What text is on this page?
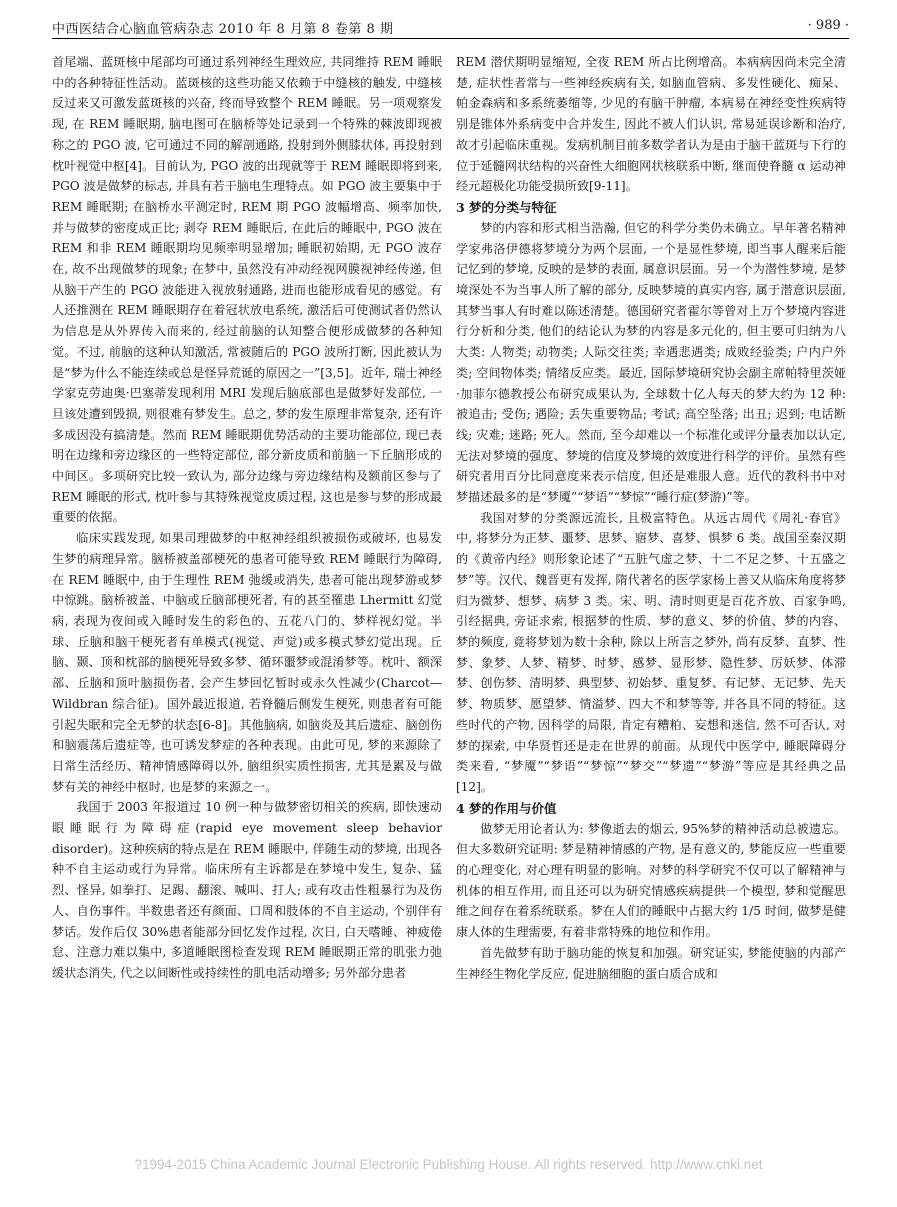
中西医结合心脑血管病杂志 2010 年 8 月第 8 卷第 8 期	· 989 ·

首尾端、蓝斑核中尾部均可通过系列神经生理效应, 共同维持 REM 睡眠中的各种特征性活动。蓝斑核的这些功能又依赖于中缝核的触发, 中缝核反过来又可激发蓝斑核的兴奋, 终而导致整个 REM 睡眠。另一项观察发现, 在 REM 睡眠期, 脑电图可在脑桥等处记录到一个特殊的棘波即现被称之的 PGO 波, 它可通过不同的解剖通路, 投射到外侧膝状体, 再投射到枕叶视觉中枢[4]。目前认为, PGO 波的出现就等于 REM 睡眠即将到来, PGO 波是做梦的标志, 并具有若干脑电生理特点。如 PGO 波主要集中于 REM 睡眠期; 在脑桥水平测定时, REM 期 PGO 波幅增高、频率加快, 并与做梦的密度成正比; 剥夺 REM 睡眠后, 在此后的睡眠中, PGO 波在 REM 和非 REM 睡眠期均见频率明显增加; 睡眠初始期, 无 PGO 波存在, 故不出现做梦的现象; 在梦中, 虽然没有冲动经视网膜视神经传递, 但从脑干产生的 PGO 波能进入视放射通路, 进而也能形成看见的感觉。有人还推测在 REM 睡眠期存在着冠状放电系统, 激活后可使测试者仍然认为信息是从外界传入而来的, 经过前脑的认知整合便形成做梦的各种知觉。不过, 前脑的这种认知激活, 常被随后的 PGO 波所打断, 因此被认为是“梦为什么不能连续或总是怪异荒诞的原因之一”[3,5]。近年, 瑞士神经学家克劳迪奥·巴塞蒂发现利用 MRI 发现后脑底部也是做梦好发部位, 一旦该处遭到毁损, 则很难有梦发生。总之, 梦的发生原理非常复杂, 还有许多成因没有搞清楚。然而 REM 睡眠期优势活动的主要功能部位, 现已表明在边缘和旁边缘区的一些特定部位, 部分新皮质和前脑一下丘脑形成的中间区。多项研究比较一致认为, 部分边缘与旁边缘结构及额前区参与了 REM 睡眠的形式, 枕叶参与其特殊视觉皮质过程, 这也是参与梦的形成最重要的依据。

临床实践发现, 如果司理做梦的中枢神经组织被损伤或破坏, 也易发生梦的病理异常。脑桥被盖部梗死的患者可能导致 REM 睡眠行为障碍, 在 REM 睡眠中, 由于生理性 REM 弛缓或消失, 患者可能出现梦游或梦中惊跳。脑桥被盖、中脑或丘脑部梗死者, 有的甚至罹患 Lhermitt 幻觉病, 表现为夜间或入睡时发生的彩色的、五花八门的、梦样视幻觉。半球、丘脑和脑干梗死者有单模式(视觉、声觉)或多模式梦幻觉出现。丘脑、颞、顶和枕部的脑梗死导致多梦、循环噩梦或混淆梦等。枕叶、额深部、丘脑和顶叶脑损伤者, 会产生梦回忆暂时或永久性减少(Charcot— Wildbran 综合征)。国外最近报道, 若脊髓后侧发生梗死, 则患者有可能引起失眠和完全无梦的状态[6-8]。其他脑病, 如脑炎及其后遗症、脑创伤和脑震荡后遗症等, 也可诱发梦症的各种表现。由此可见, 梦的来源除了日常生活经历、精神情感障碍以外, 脑组织实质性损害, 尤其是累及与做梦有关的神经中枢时, 也是梦的来源之一。

我国于 2003 年报道过 10 例一种与做梦密切相关的疾病, 即快速动眼睡眠行为障碍症(rapid eye movement sleep behavior disorder)。这种疾病的特点是在 REM 睡眠中, 伴随生动的梦境, 出现各种不自主运动或行为异常。临床所有主诉都是在梦境中发生, 复杂、猛烈、怪异, 如拳打、足踢、翻滚、喊叫、打人; 或有攻击性粗暴行为及伤人、自伤事件。半数患者还有颜面、口周和肢体的不自主运动, 个别伴有梦话。发作后仅 30%患者能部分回忆发作过程, 次日, 白天嗜睡、神疲倦怠、注意力难以集中, 多道睡眠图检查发现 REM 睡眠期正常的肌张力弛缓状态消失, 代之以间断性或持续性的肌电活动增多; 另外部分患者

REM 潜伏期明显缩短, 全夜 REM 所占比例增高。本病病因尚未完全清楚, 症状性者常与一些神经疾病有关, 如脑血管病、多发性硬化、痴呆、帕金森病和多系统萎缩等, 少见的有脑干肿瘤, 本病易在神经变性疾病特别是锥体外系病变中合并发生, 因此不被人们认识, 常易延误诊断和治疗, 故才引起临床重视。发病机制目前多数学者认为是由于脑干蓝斑与下行的位于延髓网状结构的兴奋性大细胞网状核联系中断, 继而使脊髓 α 运动神经元超极化功能受损所致[9-11]。

3 梦的分类与特征

梦的内容和形式相当浩瀚, 但它的科学分类仍未确立。早年著名精神学家弗洛伊德将梦境分为两个层面, 一个是显性梦境, 即当事人醒来后能记忆到的梦境, 反映的是梦的表面, 属意识层面。另一个为潜性梦境, 是梦境深处不为当事人所了解的部分, 反映梦境的真实内容, 属于潜意识层面, 其梦当事人有时难以陈述清楚。德国研究者霍尔等曾对上万个梦境内容进行分析和分类, 他们的结论认为梦的内容是多元化的, 但主要可归纳为八大类: 人物类; 动物类; 人际交往类; 幸遇悲遇类; 成败经验类; 户内户外类; 空间物体类; 情绪反应类。最近, 国际梦境研究协会副主席帕特里茨娅·加菲尔德教授公布研究成果认为, 全球数十亿人每天的梦大约为 12 种: 被追击; 受伤; 遇险; 丢失重要物品; 考试; 高空坠落; 出丑; 迟到; 电话断线; 灾难; 迷路; 死人。然而, 至今却难以一个标准化或评分量表加以认定, 无法对梦境的强度、梦境的信度及梦境的效度进行科学的评价。虽然有些研究者用百分比同意度来表示信度, 但还是难服人意。近代的教科书中对梦描述最多的是“梦魇”“梦语”“梦惊”“睡行症(梦游)”等。

我国对梦的分类源远流长, 且极富特色。从远古周代《周礼·春官》中, 将梦分为正梦、噩梦、思梦、寤梦、喜梦、惧梦 6 类。战国至秦汉期的《黄帝内经》则形象论述了“五脏气虚之梦、十二不足之梦、十五盛之梦”等。汉代、魏晋更有发挥, 隋代著名的医学家杨上善又从临床角度将梦归为微梦、想梦、病梦 3 类。宋、明、清时则更是百花齐放、百家争鸣, 引经据典, 旁证求索, 根据梦的性质、梦的意义、梦的价值、梦的内容、梦的频度, 竟将梦划为数十余种, 除以上所言之梦外, 尚有反梦、直梦、性梦、象梦、人梦、精梦、时梦、感梦、显形梦、隐性梦、厉妖梦、体滞梦、创伤梦、清明梦、典型梦、初始梦、重复梦、有记梦、无记梦、先天梦、物质梦、愿望梦、情溢梦、四大不和梦等等, 并各具不同的特征。这些时代的产物, 因科学的局限, 肯定有糟粕、妄想和迷信, 然不可否认, 对梦的探索, 中华贤哲还是走在世界的前面。从现代中医学中, 睡眠障碍分类来看, “梦魇”“梦语”“梦惊”“梦交”“梦遗”“梦游”等应是其经典之品[12]。

4 梦的作用与价值

做梦无用论者认为: 梦像逝去的烟云, 95%梦的精神活动总被遗忘。但大多数研究证明: 梦是精神情感的产物, 是有意义的, 梦能反应一些重要的心理变化, 对心理有明显的影响。对梦的科学研究不仅可以了解精神与机体的相互作用, 而且还可以为研究情感疾病提供一个模型, 梦和觉醒思维之间存在着系统联系。梦在人们的睡眠中占据大约 1/5 时间, 做梦是健康人体的生理需要, 有着非常特殊的地位和作用。

首先做梦有助于脑功能的恢复和加强。研究证实, 梦能使脑的内部产生神经生物化学反应, 促进脑细胞的蛋白质合成和

?1994-2015 China Academic Journal Electronic Publishing House. All rights reserved. http://www.cnki.net
